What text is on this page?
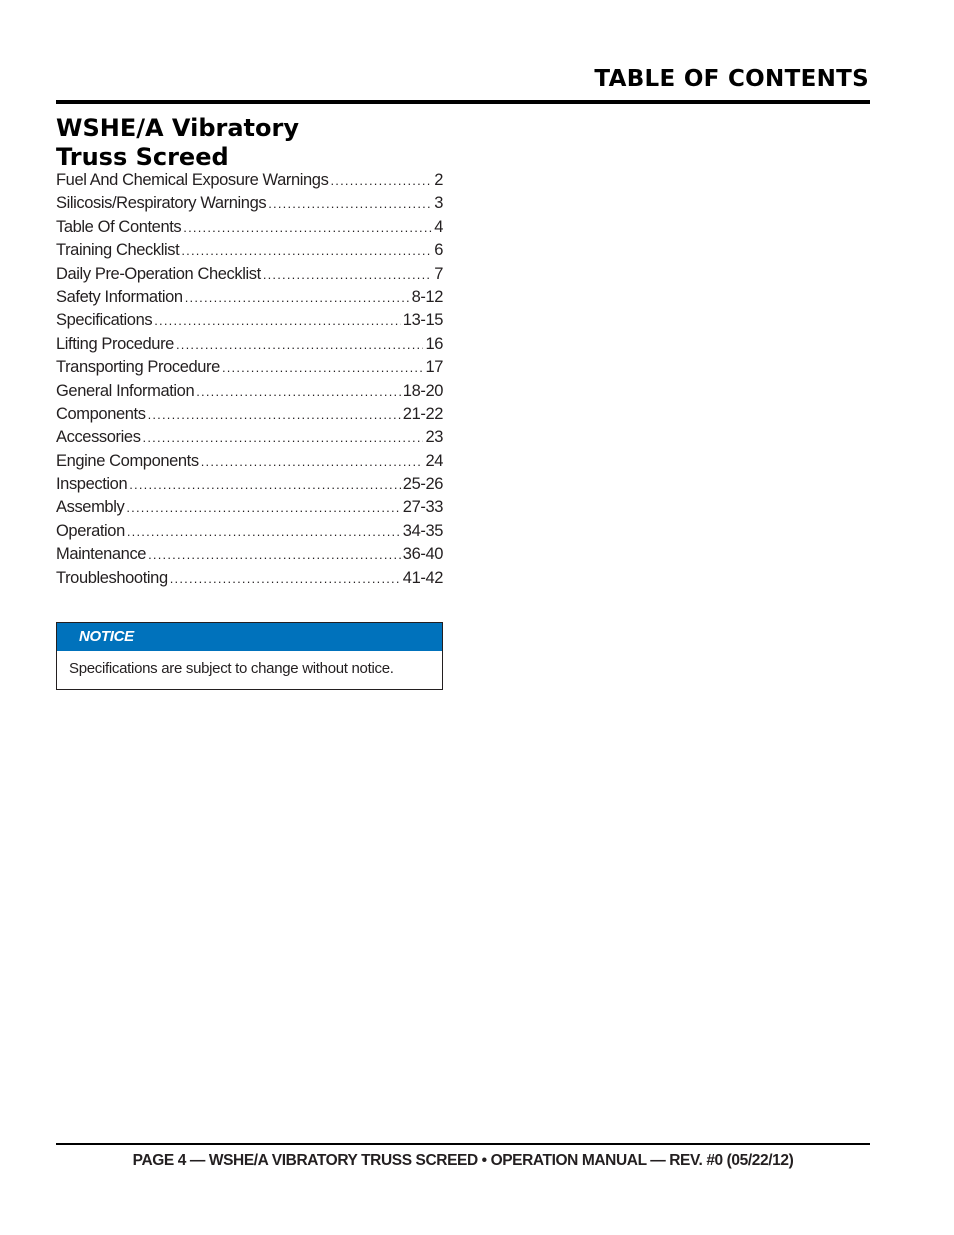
TABLE OF CONTENTS
WSHE/A Vibratory
Truss Screed
Fuel And Chemical Exposure Warnings .....	2
Silicosis/Respiratory Warnings .....	3
Table Of Contents .....	4
Training Checklist .....	6
Daily Pre-Operation Checklist .....	7
Safety Information .....	8-12
Specifications .....	13-15
Lifting Procedure .....	16
Transporting Procedure .....	17
General Information .....	18-20
Components .....	21-22
Accessories .....	23
Engine Components .....	24
Inspection .....	25-26
Assembly .....	27-33
Operation .....	34-35
Maintenance .....	36-40
Troubleshooting .....	41-42
NOTICE
Specifications are subject to change without notice.
PAGE 4 — WSHE/A VIBRATORY TRUSS SCREED • OPERATION MANUAL — REV. #0 (05/22/12)
